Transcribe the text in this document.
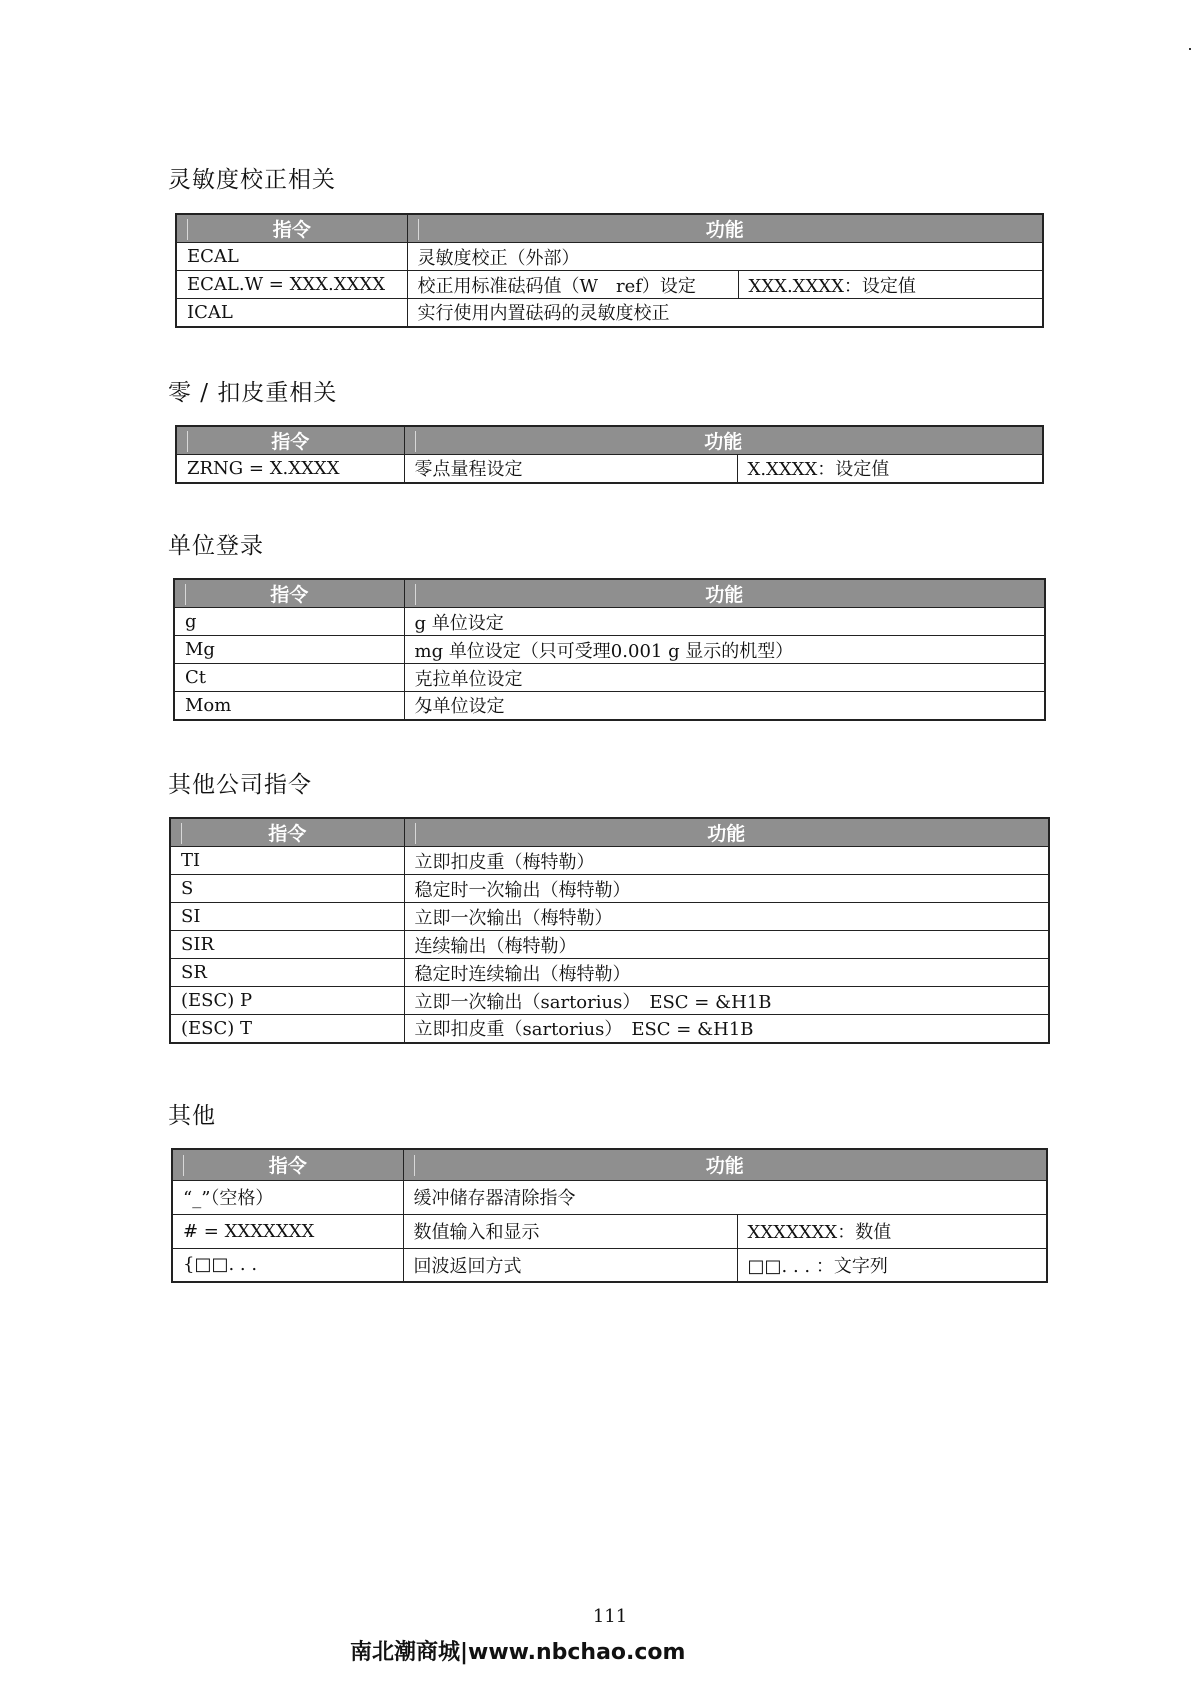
灵敏度校正相关
指令	功能	

ECAL	灵敏度校正（外部）	
ECAL.W = XXX.XXXX	校正用标准砝码值（W　ref）设定	XXX.XXXX：设定值
ICAL	实行使用内置砝码的灵敏度校正	
零 / 扣皮重相关
指令	功能	

ZRNG = X.XXXX	零点量程设定	X.XXXX：设定值
单位登录
指令	功能

g	g 单位设定
Mg	mg 单位设定（只可受理0.001 g 显示的机型）
Ct	克拉单位设定
Mom	匁单位设定
其他公司指令
指令	功能

TI	立即扣皮重（梅特勒）
S	稳定时一次输出（梅特勒）
SI	立即一次输出（梅特勒）
SIR	连续输出（梅特勒）
SR	稳定时连续输出（梅特勒）
(ESC) P	立即一次输出（sartorius）　ESC = &H1B
(ESC) T	立即扣皮重（sartorius）　ESC = &H1B
其他
指令	功能	

“_”（空格）	缓冲储存器清除指令	
# = XXXXXXX	数值输入和显示	XXXXXXX：数值
{□□. . .	回波返回方式	□□. . . ：文字列
111
南北潮商城|www.nbchao.com
